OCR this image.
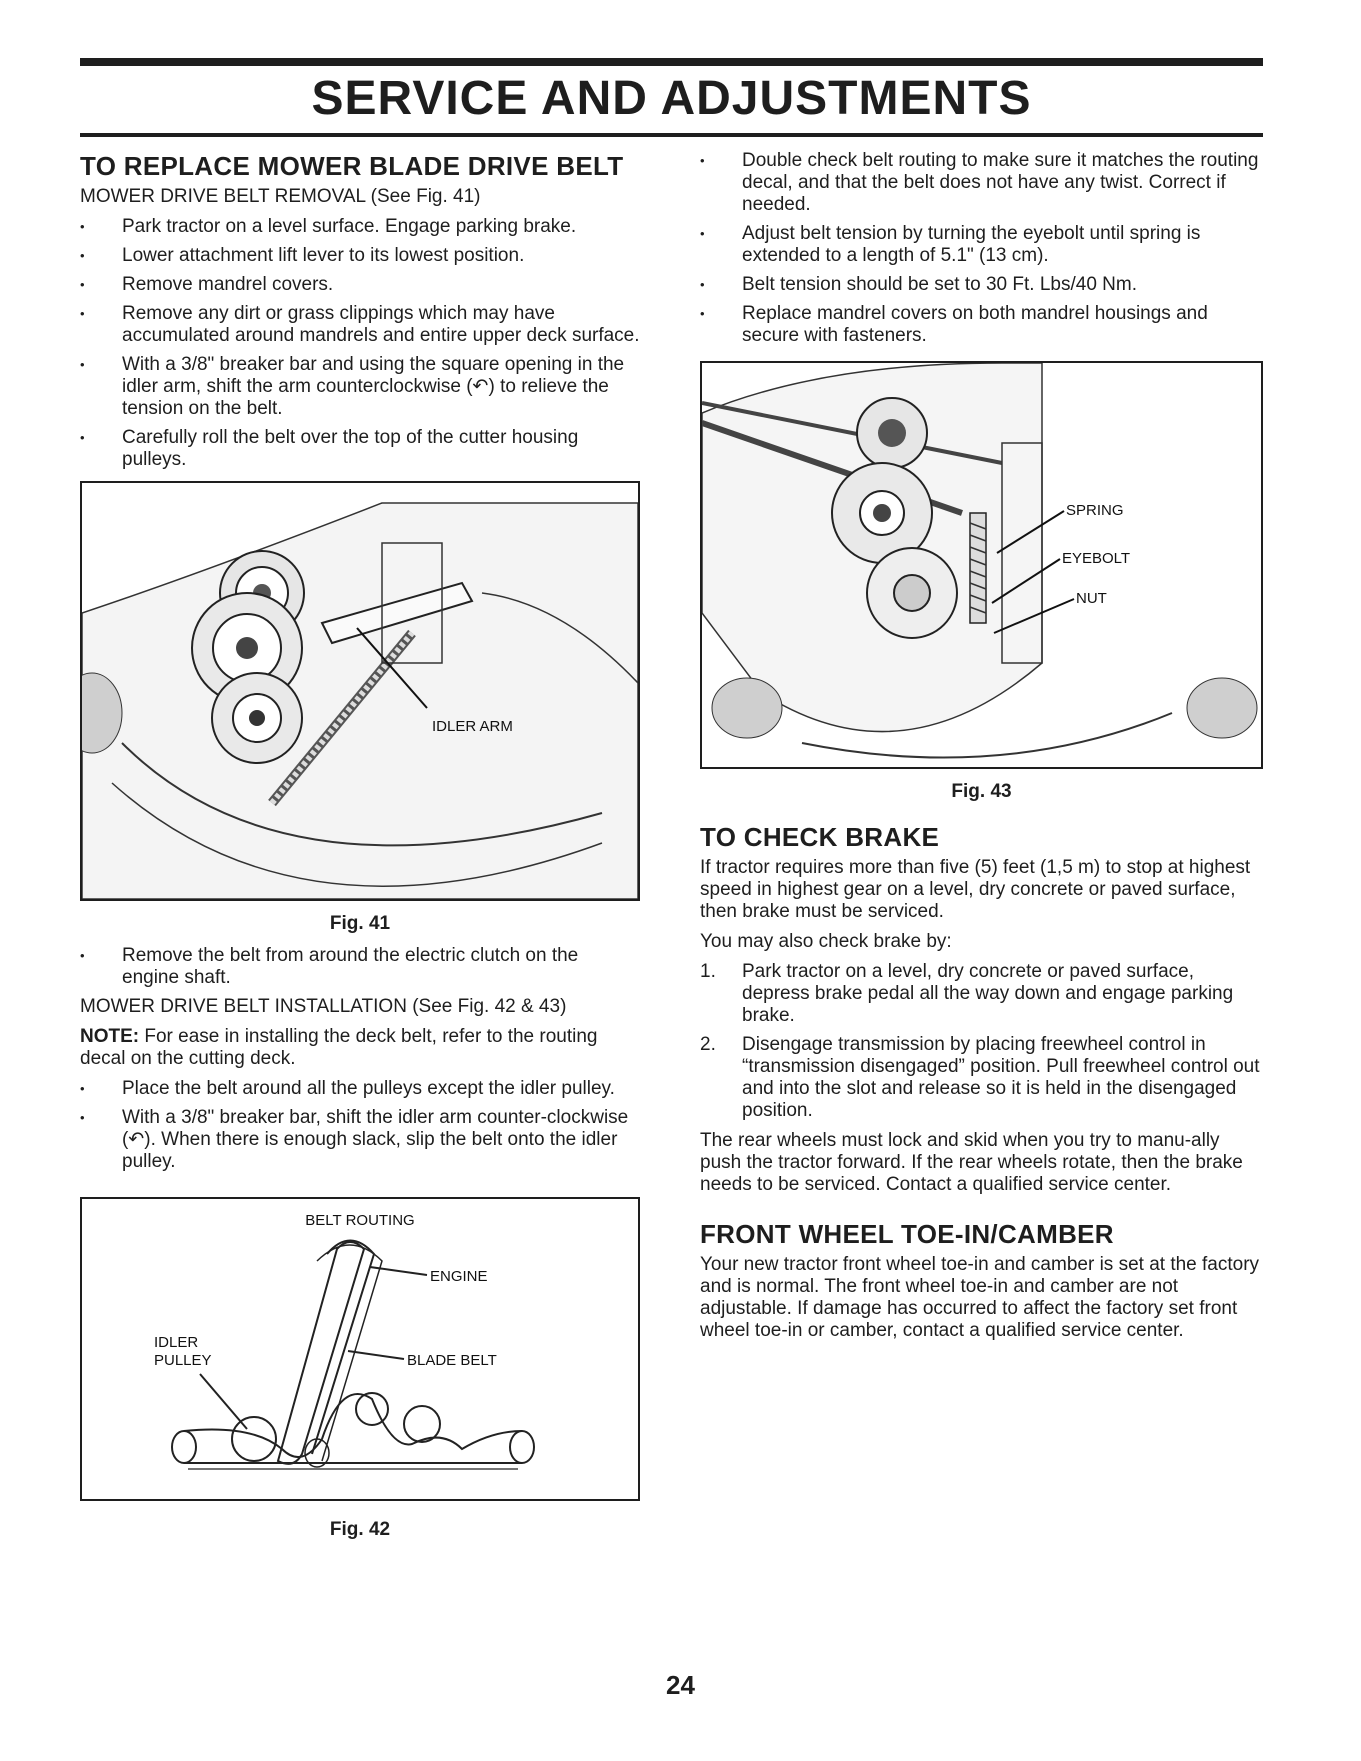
SERVICE AND ADJUSTMENTS
TO REPLACE MOWER BLADE DRIVE BELT

MOWER DRIVE BELT REMOVAL (See Fig. 41)

• Park tractor on a level surface. Engage parking brake.
• Lower attachment lift lever to its lowest position.
• Remove mandrel covers.
• Remove any dirt or grass clippings which may have accumulated around mandrels and entire upper deck surface.
• With a 3/8" breaker bar and using the square opening in the idler arm, shift the arm counterclockwise (↶) to relieve the tension on the belt.
• Carefully roll the belt over the top of the cutter housing pulleys.
IDLER ARM
Fig. 41
• Remove the belt from around the electric clutch on the engine shaft.

MOWER DRIVE BELT INSTALLATION (See Fig. 42 & 43)

NOTE: For ease in installing the deck belt, refer to the routing decal on the cutting deck.

• Place the belt around all the pulleys except the idler pulley.
• With a 3/8" breaker bar, shift the idler arm counter-clockwise (↶). When there is enough slack, slip the belt onto the idler pulley.
BELT ROUTING
ENGINE
BLADE BELT
IDLER
PULLEY
Fig. 42
• Double check belt routing to make sure it matches the routing decal, and that the belt does not have any twist. Correct if needed.
• Adjust belt tension by turning the eyebolt until spring is extended to a length of 5.1" (13 cm).
• Belt tension should be set to 30 Ft. Lbs/40 Nm.
• Replace mandrel covers on both mandrel housings and secure with fasteners.
SPRING
EYEBOLT
NUT
Fig. 43
TO CHECK BRAKE

If tractor requires more than five (5) feet (1,5 m) to stop at highest speed in highest gear on a level, dry concrete or paved surface, then brake must be serviced.

You may also check brake by:

1. Park tractor on a level, dry concrete or paved surface, depress brake pedal all the way down and engage parking brake.
2. Disengage transmission by placing freewheel control in “transmission disengaged” position. Pull freewheel control out and into the slot and release so it is held in the disengaged position.

The rear wheels must lock and skid when you try to manu-ally push the tractor forward. If the rear wheels rotate, then the brake needs to be serviced. Contact a qualified service center.

FRONT WHEEL TOE-IN/CAMBER

Your new tractor front wheel toe-in and camber is set at the factory and is normal. The front wheel toe-in and camber are not adjustable. If damage has occurred to affect the factory set front wheel toe-in or camber, contact a qualified service center.

24
